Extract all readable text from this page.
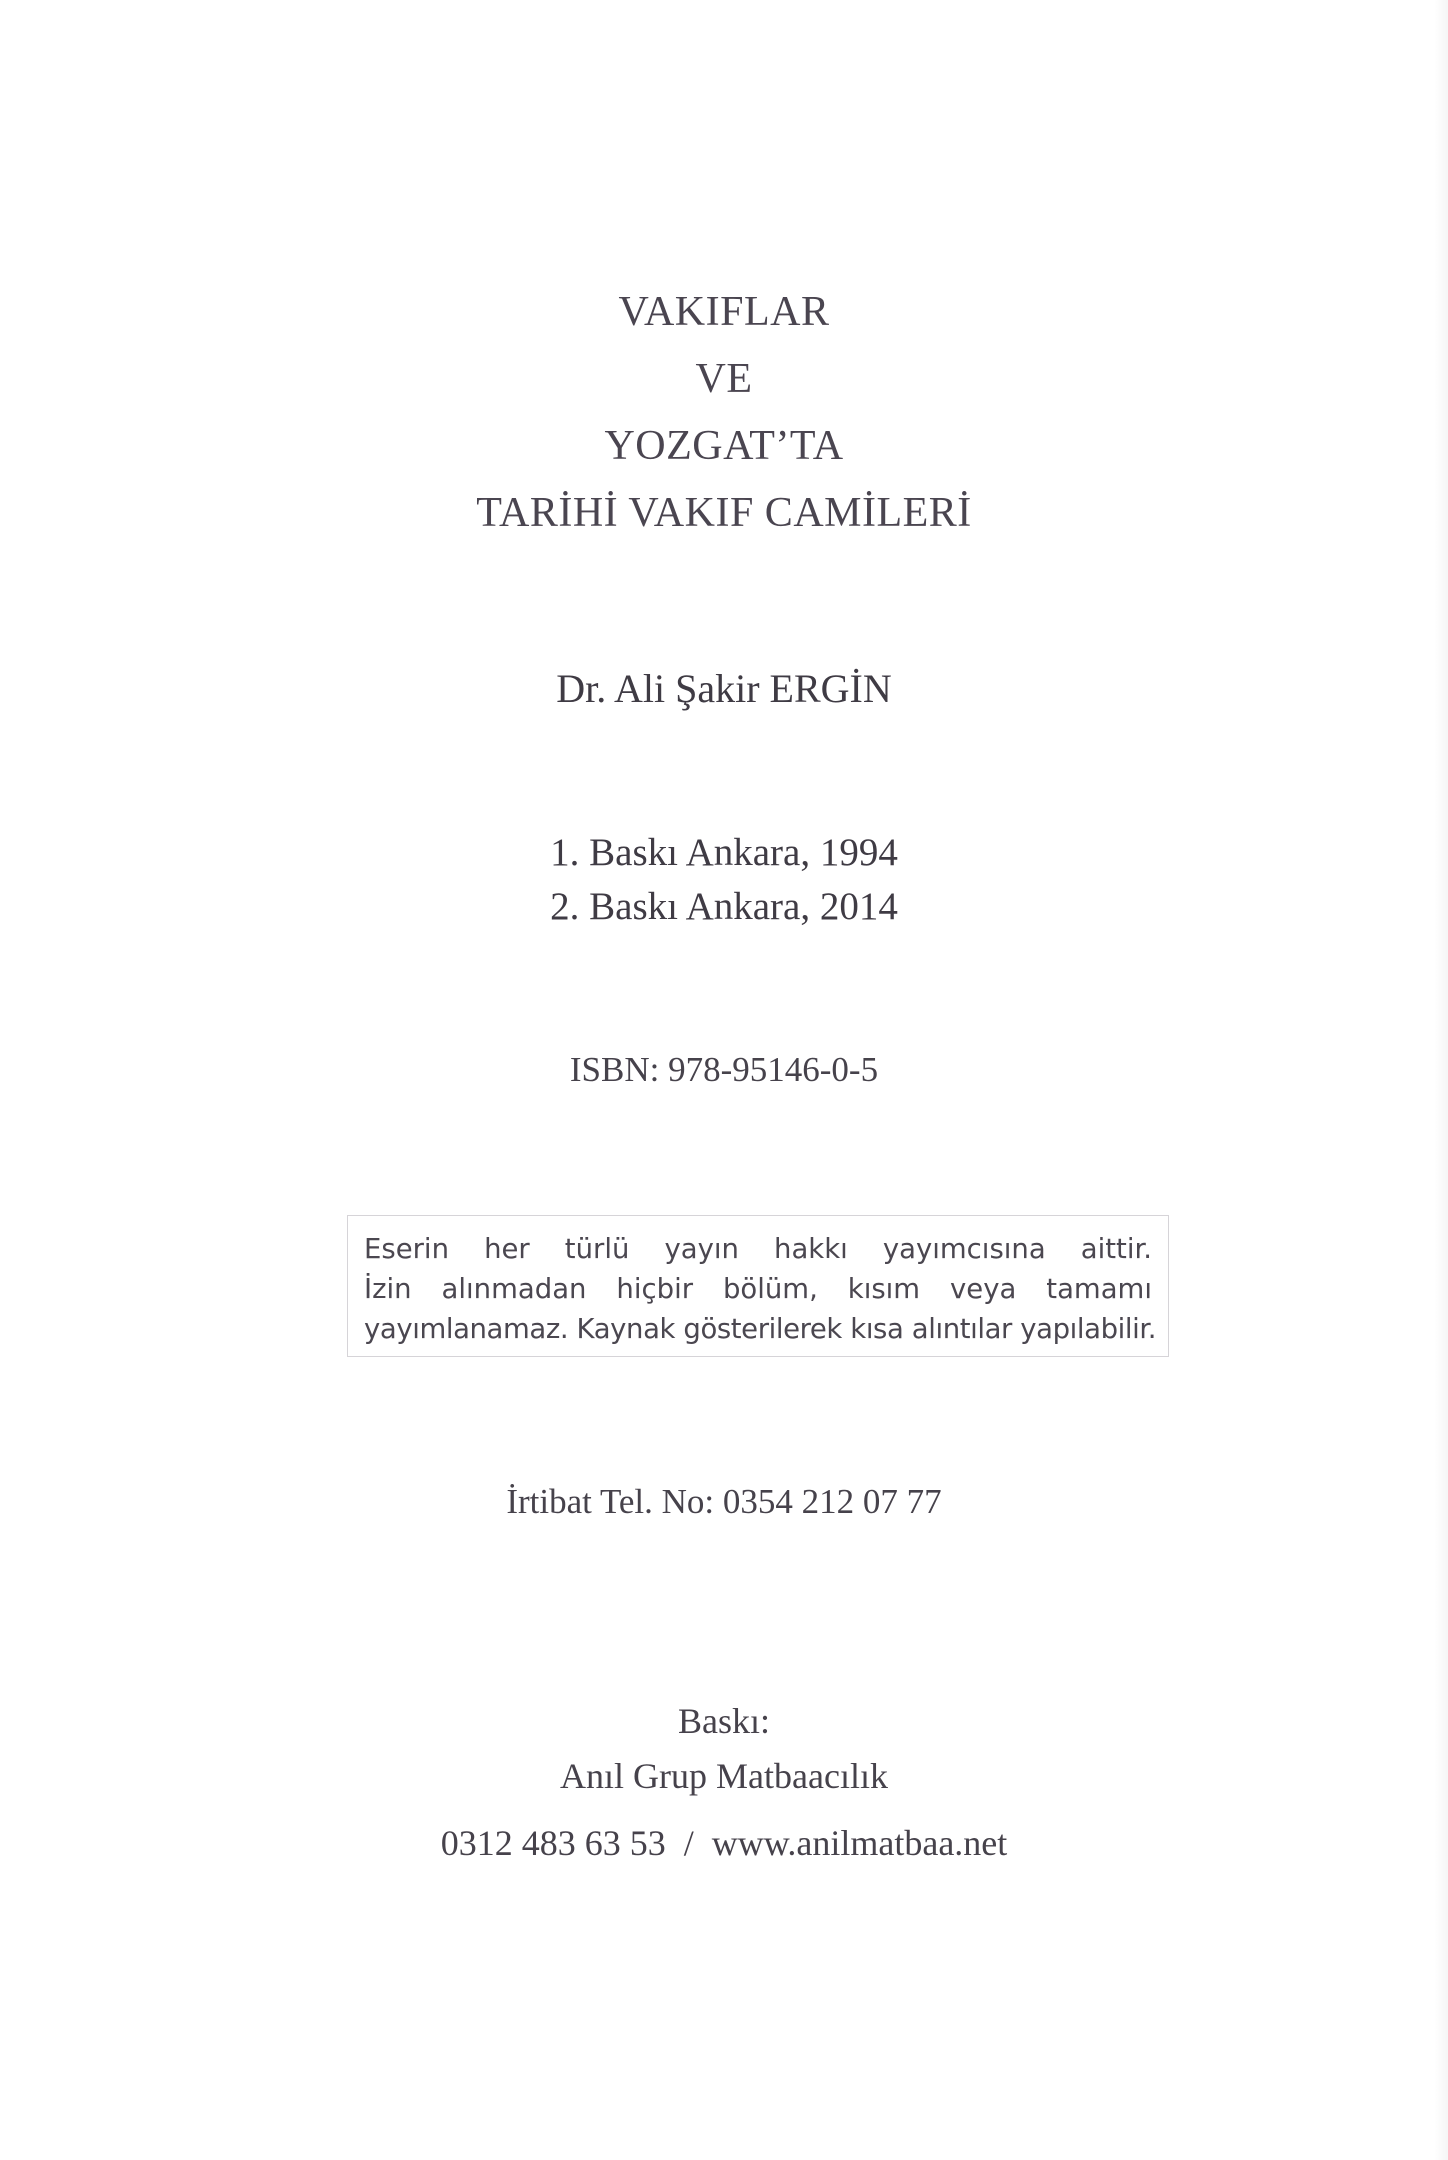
VAKIFLAR
VE
YOZGAT’TA
TARİHİ VAKIF CAMİLERİ
Dr. Ali Şakir ERGİN
1. Baskı Ankara, 1994
2. Baskı Ankara, 2014
ISBN: 978-95146-0-5
Eserin her türlü yayın hakkı yayımcısına aittir.
İzin alınmadan hiçbir bölüm, kısım veya tamamı
yayımlanamaz. Kaynak gösterilerek kısa alıntılar yapılabilir.
İrtibat Tel. No: 0354 212 07 77
Baskı:
Anıl Grup Matbaacılık
0312 483 63 53  /  www.anilmatbaa.net
